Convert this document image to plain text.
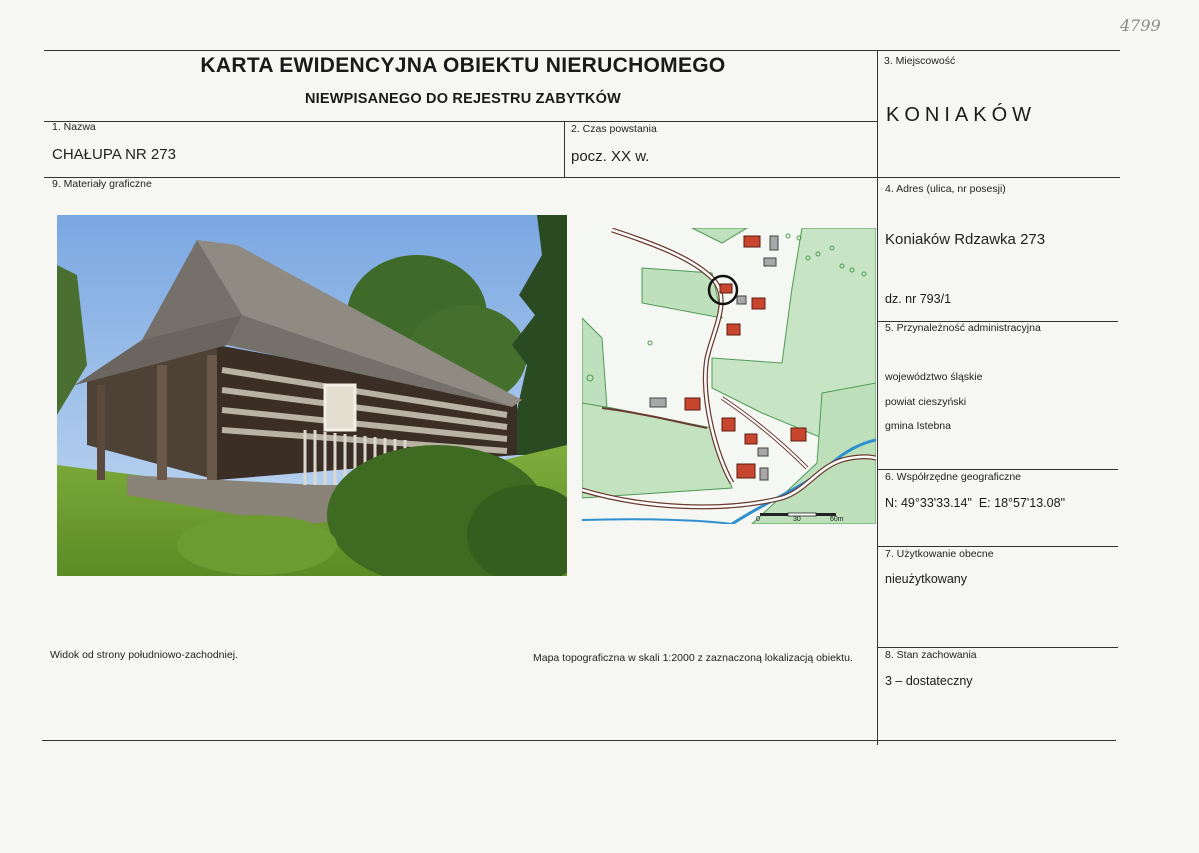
4799
KARTA EWIDENCYJNA OBIEKTU NIERUCHOMEGO
NIEWPISANEGO DO REJESTRU ZABYTKÓW
1. Nazwa
CHAŁUPA NR 273
2. Czas powstania
pocz. XX w.
3. Miejscowość
KONIAKÓW
9. Materiały graficzne	4. Adres (ulica, nr posesji)
Koniaków Rdzawka 273
dz. nr 793/1
5. Przynależność administracyjna
województwo śląskie
powiat cieszyński
gmina Istebna
6. Współrzędne geograficzne
N: 49°33'33.14"  E: 18°57'13.08"
7. Użytkowanie obecne
nieużytkowany
8. Stan zachowania
3 – dostateczny
0	30	60m
Widok od strony południowo-zachodniej.	Mapa topograficzna w skali 1:2000 z zaznaczoną lokalizacją obiektu.
